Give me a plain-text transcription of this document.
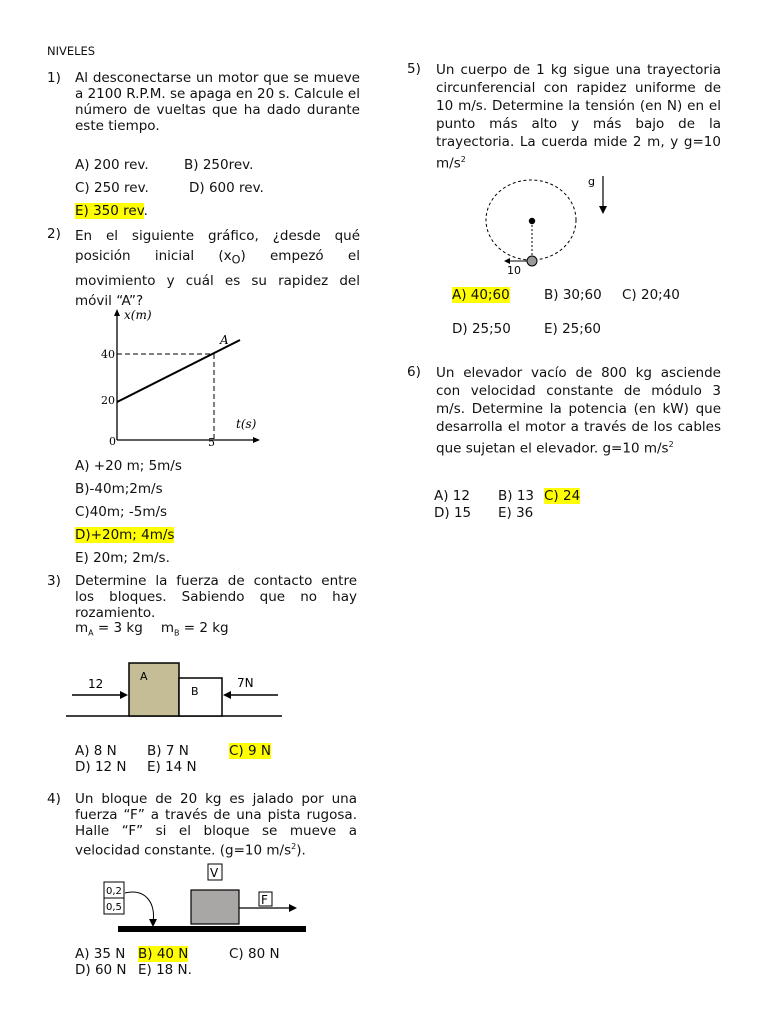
NIVELES
1) Al desconectarse un motor que se mueve a 2100 R.P.M. se apaga en 20 s. Calcule el número de vueltas que ha dado durante este tiempo.
A) 200 rev.	B) 250rev.
C) 250 rev.	D) 600 rev.
E) 350 rev.
2) En el siguiente gráfico, ¿desde qué posición inicial $(x_O)$ empezó el movimiento y cuál es su rapidez del móvil “A”?
x(m)
t(s)
A
40
20
0	5
A) +20 m; 5m/s
B)-40m;2m/s
C)40m; -5m/s
D)+20m; 4m/s
E) 20m; 2m/s.
3) Determine la fuerza de contacto entre los bloques. Sabiendo que no hay rozamiento.
$m_A = 3$ kg $m_B = 2$ kg
12	7N
A
B
A) 8 N B) 7 N	C) 9 N
D) 12 N E) 14 N
4) Un bloque de 20 kg es jalado por una fuerza “F” a través de una pista rugosa. Halle “F” si el bloque se mueve a velocidad constante. (g=10 $m/s^2$).
0,2
0,5
V
F
A) 35 N B) 40 N	C) 80 N
D) 60 N E) 18 N.
5) Un cuerpo de 1 kg sigue una trayectoria circunferencial con rapidez uniforme de 10 m/s. Determine la tensión (en N) en el punto más alto y más bajo de la trayectoria. La cuerda mide 2 m, y g=10 $m/s^2$
10
g
A) 40;60	B) 30;60 C) 20;40
D) 25;50 E) 25;60
6) Un elevador vacío de 800 kg asciende con velocidad constante de módulo 3 m/s. Determine la potencia (en kW) que desarrolla el motor a través de los cables que sujetan el elevador. g=10 $m/s^2$
A) 12 B) 13 C) 24
D) 15 E) 36
